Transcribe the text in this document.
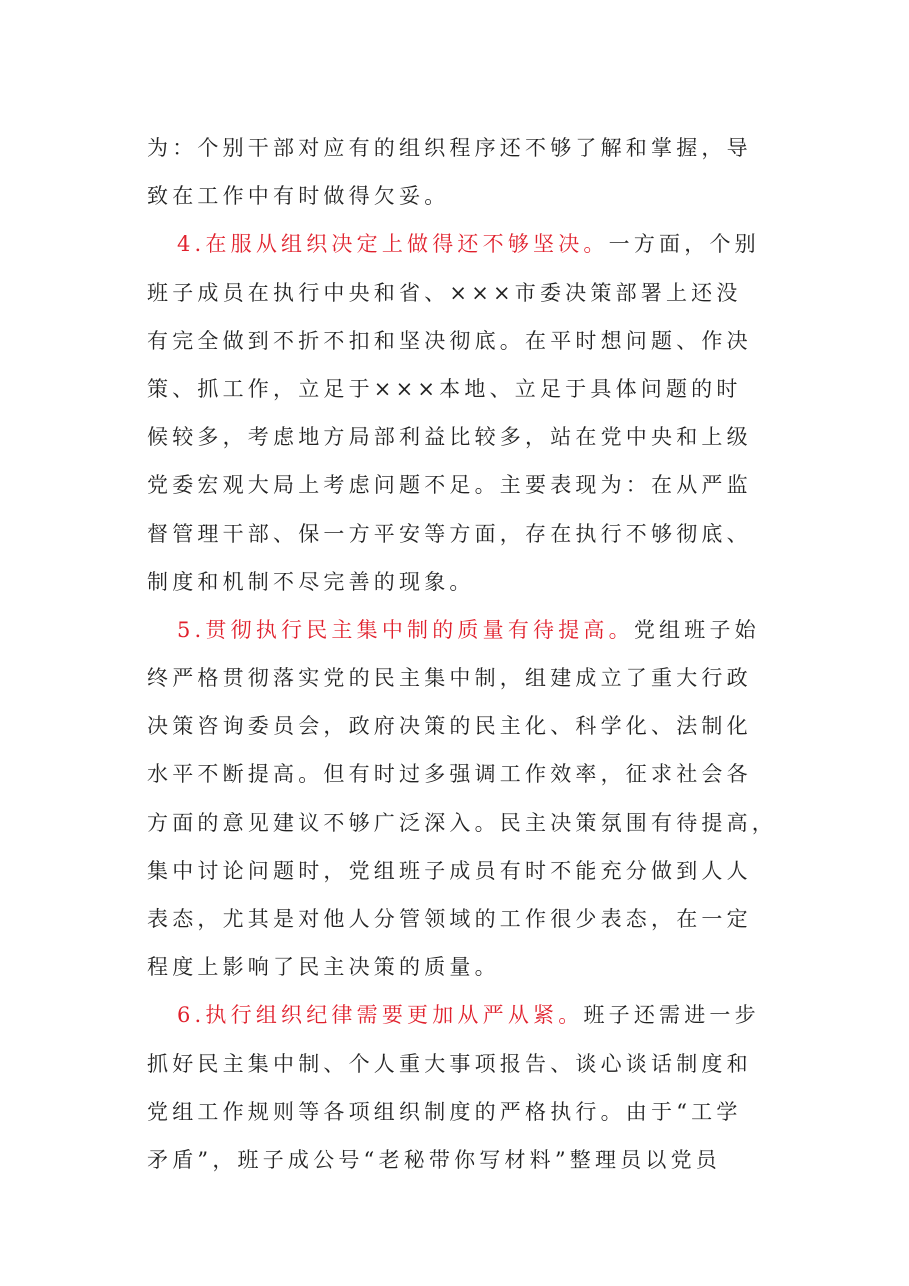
为：个别干部对应有的组织程序还不够了解和掌握，导
致在工作中有时做得欠妥。
4.在服从组织决定上做得还不够坚决。一方面，个别
班子成员在执行中央和省、×××市委决策部署上还没
有完全做到不折不扣和坚决彻底。在平时想问题、作决
策、抓工作，立足于×××本地、立足于具体问题的时
候较多，考虑地方局部利益比较多，站在党中央和上级
党委宏观大局上考虑问题不足。主要表现为：在从严监
督管理干部、保一方平安等方面，存在执行不够彻底、
制度和机制不尽完善的现象。
5.贯彻执行民主集中制的质量有待提高。党组班子始
终严格贯彻落实党的民主集中制，组建成立了重大行政
决策咨询委员会，政府决策的民主化、科学化、法制化
水平不断提高。但有时过多强调工作效率，征求社会各
方面的意见建议不够广泛深入。民主决策氛围有待提高，
集中讨论问题时，党组班子成员有时不能充分做到人人
表态，尤其是对他人分管领域的工作很少表态，在一定
程度上影响了民主决策的质量。
6.执行组织纪律需要更加从严从紧。班子还需进一步
抓好民主集中制、个人重大事项报告、谈心谈话制度和
党组工作规则等各项组织制度的严格执行。由于“工学
矛盾”，班子成公号“老秘带你写材料”整理员以党员
